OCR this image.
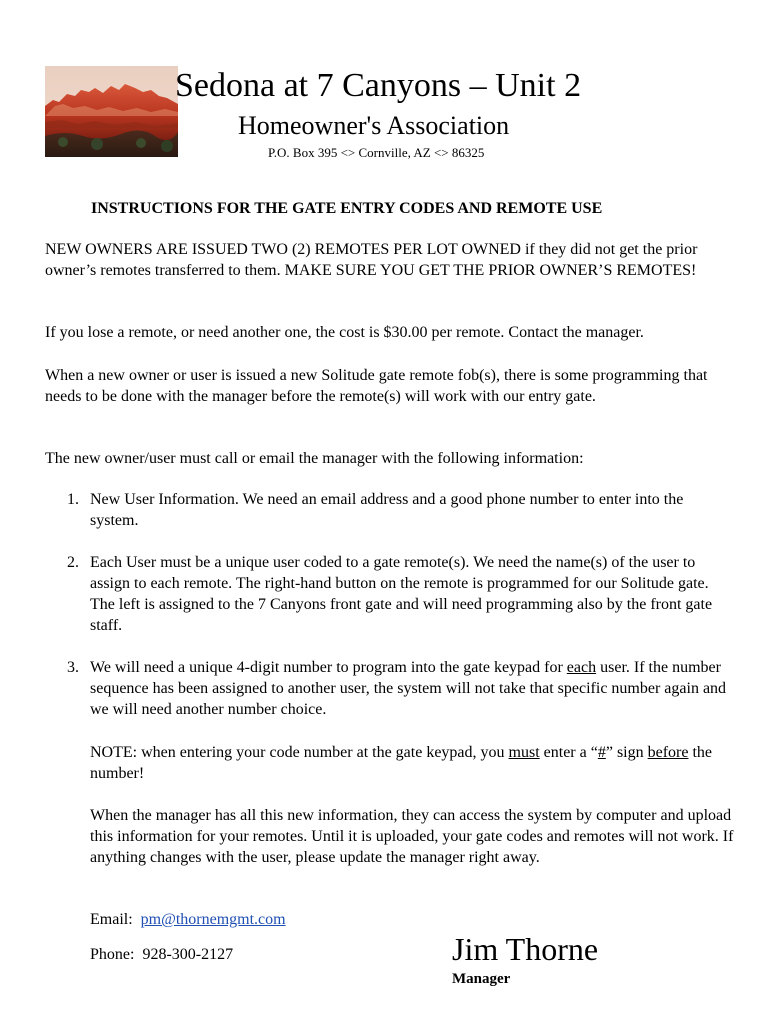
Sedona at 7 Canyons – Unit 2
Homeowner's Association
P.O. Box 395 <> Cornville, AZ <> 86325
INSTRUCTIONS FOR THE GATE ENTRY CODES AND REMOTE USE

NEW OWNERS ARE ISSUED TWO (2) REMOTES PER LOT OWNED if they did not get the prior owner’s remotes transferred to them. MAKE SURE YOU GET THE PRIOR OWNER’S REMOTES!

If you lose a remote, or need another one, the cost is $30.00 per remote. Contact the manager.

When a new owner or user is issued a new Solitude gate remote fob(s), there is some programming that needs to be done with the manager before the remote(s) will work with our entry gate.

The new owner/user must call or email the manager with the following information:

1. New User Information. We need an email address and a good phone number to enter into the system.
2. Each User must be a unique user coded to a gate remote(s). We need the name(s) of the user to assign to each remote. The right-hand button on the remote is programmed for our Solitude gate. The left is assigned to the 7 Canyons front gate and will need programming also by the front gate staff.
3. We will need a unique 4-digit number to program into the gate keypad for each user. If the number sequence has been assigned to another user, the system will not take that specific number again and we will need another number choice.

NOTE: when entering your code number at the gate keypad, you must enter a “#” sign before the number!

When the manager has all this new information, they can access the system by computer and upload this information for your remotes. Until it is uploaded, your gate codes and remotes will not work. If anything changes with the user, please update the manager right away.

Email: pm@thornemgmt.com
Phone: 928-300-2127	Jim Thorne
Manager
